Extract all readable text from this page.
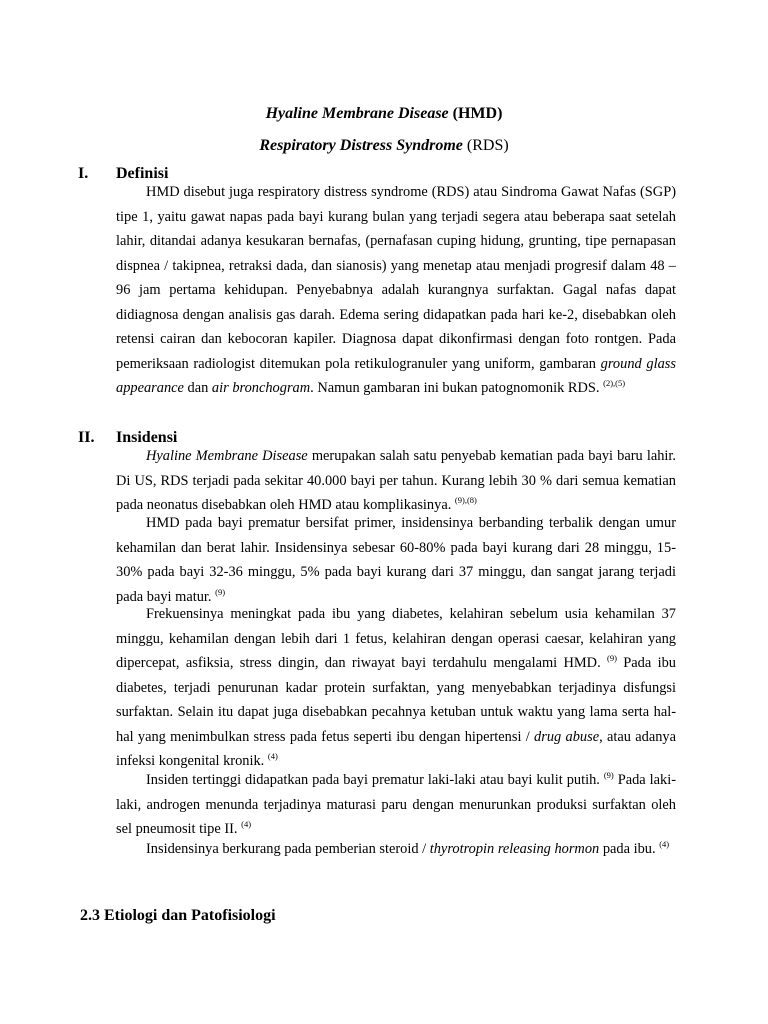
Hyaline Membrane Disease (HMD)
Respiratory Distress Syndrome (RDS)
I. Definisi
HMD disebut juga respiratory distress syndrome (RDS) atau Sindroma Gawat Nafas (SGP) tipe 1, yaitu gawat napas pada bayi kurang bulan yang terjadi segera atau beberapa saat setelah lahir, ditandai adanya kesukaran bernafas, (pernafasan cuping hidung, grunting, tipe pernapasan dispnea / takipnea, retraksi dada, dan sianosis) yang menetap atau menjadi progresif dalam 48 – 96 jam pertama kehidupan. Penyebabnya adalah kurangnya surfaktan. Gagal nafas dapat didiagnosa dengan analisis gas darah. Edema sering didapatkan pada hari ke-2, disebabkan oleh retensi cairan dan kebocoran kapiler. Diagnosa dapat dikonfirmasi dengan foto rontgen. Pada pemeriksaan radiologist ditemukan pola retikulogranuler yang uniform, gambaran ground glass appearance dan air bronchogram. Namun gambaran ini bukan patognomonik RDS. $^{(2),(5)}$
II. Insidensi
Hyaline Membrane Disease merupakan salah satu penyebab kematian pada bayi baru lahir. Di US, RDS terjadi pada sekitar 40.000 bayi per tahun. Kurang lebih 30 % dari semua kematian pada neonatus disebabkan oleh HMD atau komplikasinya. $^{(9),(8)}$
HMD pada bayi prematur bersifat primer, insidensinya berbanding terbalik dengan umur kehamilan dan berat lahir. Insidensinya sebesar 60-80% pada bayi kurang dari 28 minggu, 15-30% pada bayi 32-36 minggu, 5% pada bayi kurang dari 37 minggu, dan sangat jarang terjadi pada bayi matur. $^{(9)}$
Frekuensinya meningkat pada ibu yang diabetes, kelahiran sebelum usia kehamilan 37 minggu, kehamilan dengan lebih dari 1 fetus, kelahiran dengan operasi caesar, kelahiran yang dipercepat, asfiksia, stress dingin, dan riwayat bayi terdahulu mengalami HMD. $^{(9)}$ Pada ibu diabetes, terjadi penurunan kadar protein surfaktan, yang menyebabkan terjadinya disfungsi surfaktan. Selain itu dapat juga disebabkan pecahnya ketuban untuk waktu yang lama serta hal-hal yang menimbulkan stress pada fetus seperti ibu dengan hipertensi / drug abuse, atau adanya infeksi kongenital kronik. $^{(4)}$
Insiden tertinggi didapatkan pada bayi prematur laki-laki atau bayi kulit putih. $^{(9)}$ Pada laki-laki, androgen menunda terjadinya maturasi paru dengan menurunkan produksi surfaktan oleh sel pneumosit tipe II. $^{(4)}$
Insidensinya berkurang pada pemberian steroid / thyrotropin releasing hormon pada ibu. $^{(4)}$
2.3 Etiologi dan Patofisiologi
